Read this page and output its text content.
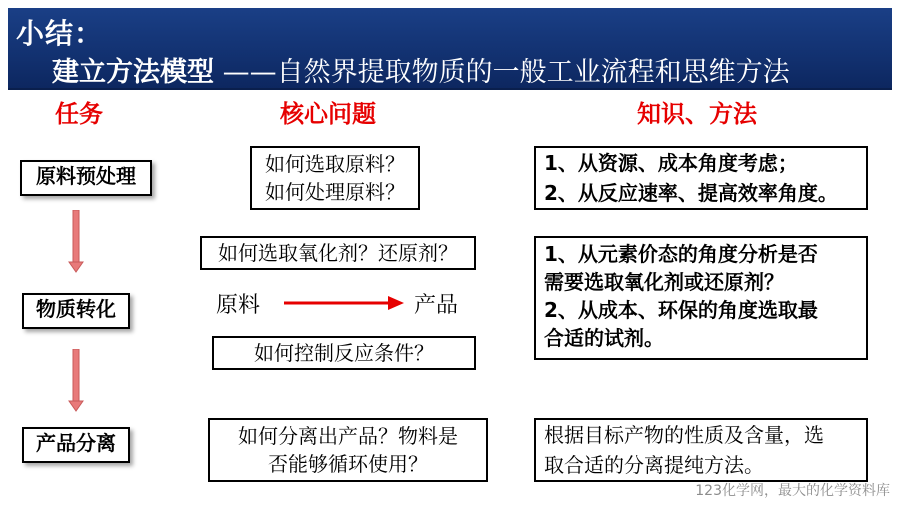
小结：
建立方法模型 ——自然界提取物质的一般工业流程和思维方法
任务	核心问题	知识、方法
原料预处理
物质转化
产品分离
如何选取原料？
如何处理原料？
如何选取氧化剂？还原剂？
原料	产品
如何控制反应条件？
如何分离出产品？物料是
否能够循环使用？
1、从资源、成本角度考虑；
2、从反应速率、提高效率角度。
1、从元素价态的角度分析是否
需要选取氧化剂或还原剂？
2、从成本、环保的角度选取最
合适的试剂。
根据目标产物的性质及含量，选
取合适的分离提纯方法。
123化学网，最大的化学资料库
